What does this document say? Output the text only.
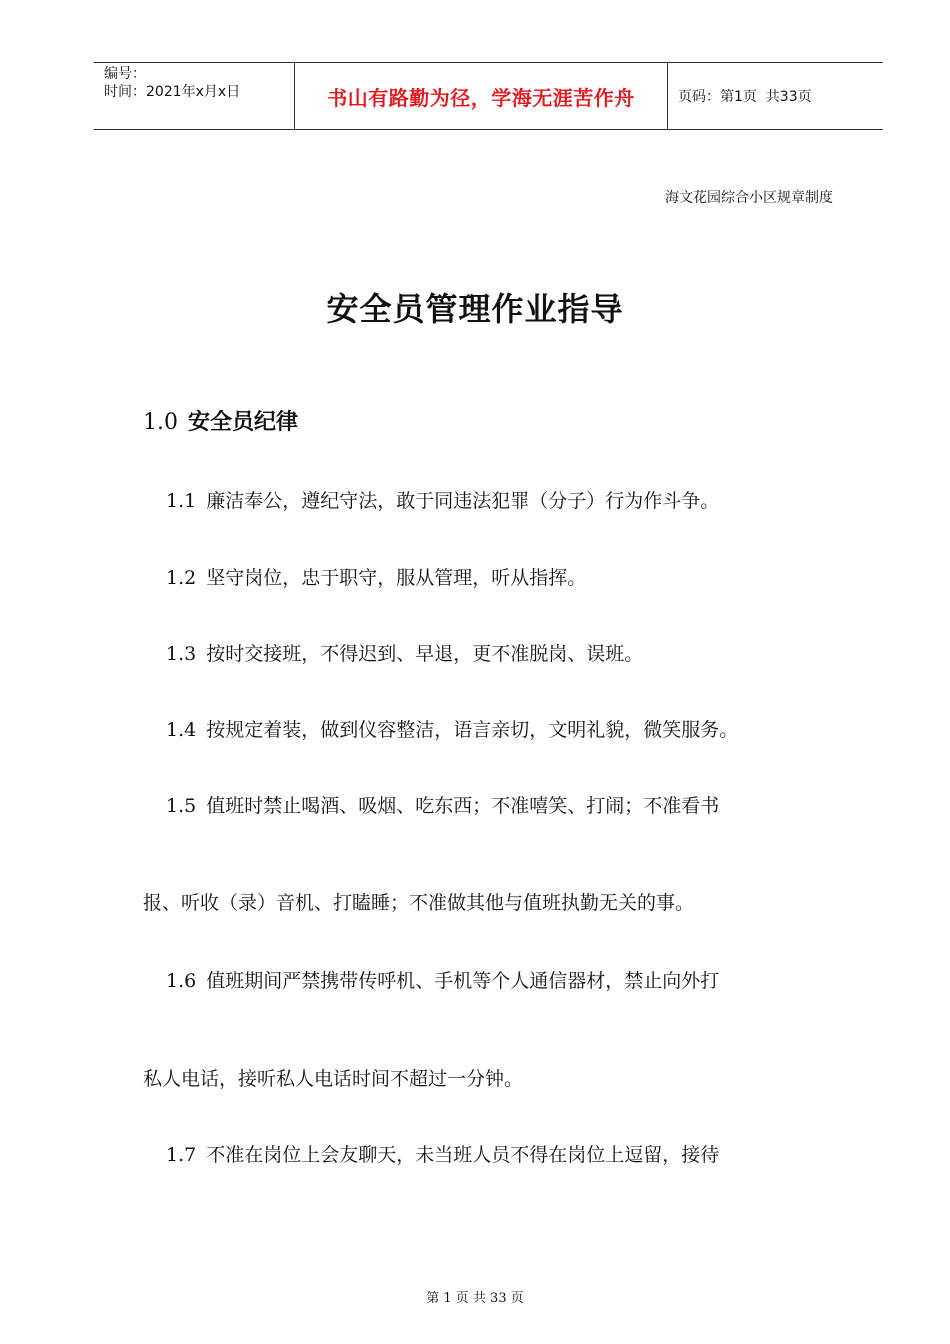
编号：
时间：2021年x月x日	书山有路勤为径，学海无涯苦作舟	页码：第1页  共33页
海文花园综合小区规章制度
安全员管理作业指导
1.0 安全员纪律
1.1 廉洁奉公，遵纪守法，敢于同违法犯罪（分子）行为作斗争。
1.2 坚守岗位，忠于职守，服从管理，听从指挥。
1.3 按时交接班，不得迟到、早退，更不准脱岗、误班。
1.4 按规定着装，做到仪容整洁，语言亲切，文明礼貌，微笑服务。
1.5 值班时禁止喝酒、吸烟、吃东西；不准嘻笑、打闹；不准看书
报、听收（录）音机、打瞌睡；不准做其他与值班执勤无关的事。
1.6 值班期间严禁携带传呼机、手机等个人通信器材，禁止向外打
私人电话，接听私人电话时间不超过一分钟。
1.7 不准在岗位上会友聊天，未当班人员不得在岗位上逗留，接待
第 1 页 共 33 页
